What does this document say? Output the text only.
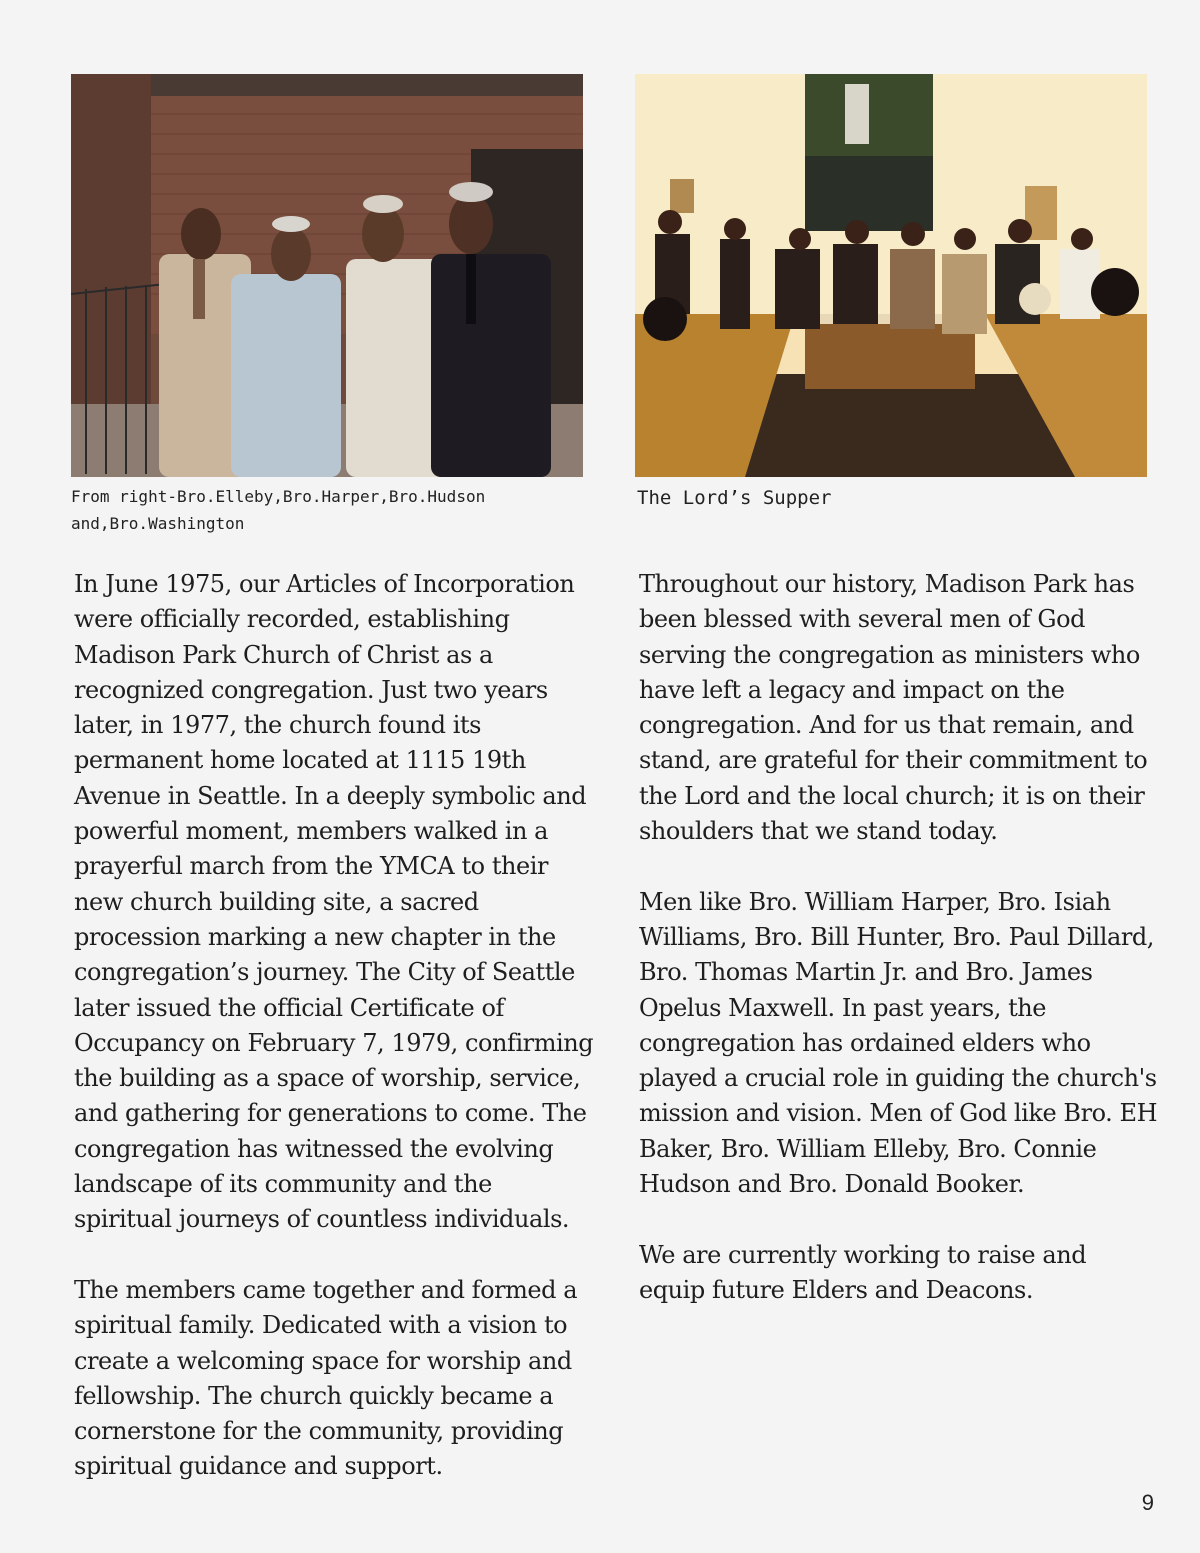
From right-Bro.Elleby,Bro.Harper,Bro.Hudson
and,Bro.Washington
The Lord’s Supper

In June 1975, our Articles of Incorporation were officially recorded, establishing Madison Park Church of Christ as a recognized congregation. Just two years later, in 1977, the church found its permanent home located at 1115 19th Avenue in Seattle. In a deeply symbolic and powerful moment, members walked in a prayerful march from the YMCA to their new church building site, a sacred procession marking a new chapter in the congregation’s journey. The City of Seattle later issued the official Certificate of Occupancy on February 7, 1979, confirming the building as a space of worship, service, and gathering for generations to come. The congregation has witnessed the evolving landscape of its community and the spiritual journeys of countless individuals.

The members came together and formed a spiritual family. Dedicated with a vision to create a welcoming space for worship and fellowship. The church quickly became a cornerstone for the community, providing spiritual guidance and support.

Throughout our history, Madison Park has been blessed with several men of God serving the congregation as ministers who have left a legacy and impact on the congregation. And for us that remain, and stand, are grateful for their commitment to the Lord and the local church; it is on their shoulders that we stand today.

Men like Bro. William Harper, Bro. Isiah Williams, Bro. Bill Hunter, Bro. Paul Dillard, Bro. Thomas Martin Jr. and Bro. James Opelus Maxwell. In past years, the congregation has ordained elders who played a crucial role in guiding the church's mission and vision. Men of God like Bro. EH Baker, Bro. William Elleby, Bro. Connie Hudson and Bro. Donald Booker.

We are currently working to raise and equip future Elders and Deacons.

9
